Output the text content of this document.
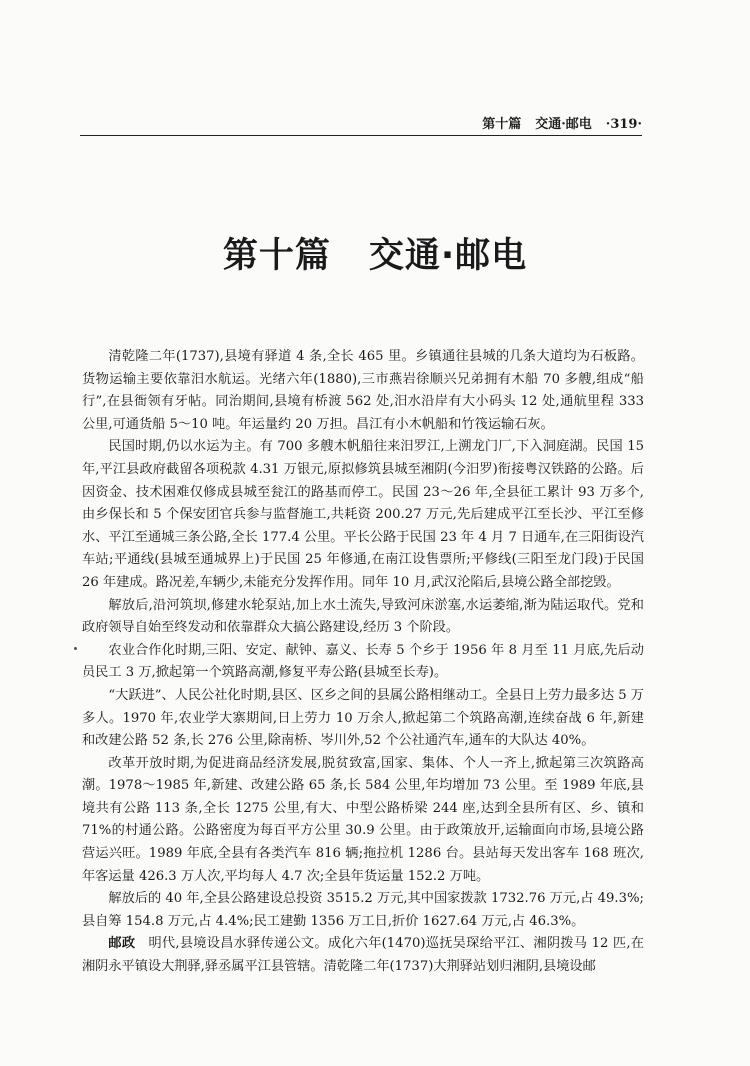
第十篇 交通·邮电 ·319·
第十篇 交通·邮电

清乾隆二年(1737),县境有驿道 4 条,全长 465 里。乡镇通往县城的几条大道均为石板路。货物运输主要依靠汨水航运。光绪六年(1880),三市燕岩徐顺兴兄弟拥有木船 70 多艘,组成“船行”,在县衙领有牙帖。同治期间,县境有桥渡 562 处,汨水沿岸有大小码头 12 处,通航里程 333 公里,可通货船 5～10 吨。年运量约 20 万担。昌江有小木帆船和竹筏运输石灰。

民国时期,仍以水运为主。有 700 多艘木帆船往来汨罗江,上溯龙门厂,下入洞庭湖。民国 15 年,平江县政府截留各项税款 4.31 万银元,原拟修筑县城至湘阴(今汨罗)衔接粤汉铁路的公路。后因资金、技术困难仅修成县城至瓮江的路基而停工。民国 23～26 年,全县征工累计 93 万多个,由乡保长和 5 个保安团官兵参与监督施工,共耗资 200.27 万元,先后建成平江至长沙、平江至修水、平江至通城三条公路,全长 177.4 公里。平长公路于民国 23 年 4 月 7 日通车,在三阳街设汽车站;平通线(县城至通城界上)于民国 25 年修通,在南江设售票所;平修线(三阳至龙门段)于民国 26 年建成。路况差,车辆少,未能充分发挥作用。同年 10 月,武汉沦陷后,县境公路全部挖毁。

解放后,沿河筑坝,修建水轮泵站,加上水土流失,导致河床淤塞,水运萎缩,渐为陆运取代。党和政府领导自始至终发动和依靠群众大搞公路建设,经历 3 个阶段。

农业合作化时期,三阳、安定、献钟、嘉义、长寿 5 个乡于 1956 年 8 月至 11 月底,先后动员民工 3 万,掀起第一个筑路高潮,修复平寿公路(县城至长寿)。

“大跃进”、人民公社化时期,县区、区乡之间的县属公路相继动工。全县日上劳力最多达 5 万多人。1970 年,农业学大寨期间,日上劳力 10 万余人,掀起第二个筑路高潮,连续奋战 6 年,新建和改建公路 52 条,长 276 公里,除南桥、岑川外,52 个公社通汽车,通车的大队达 40%。

改革开放时期,为促进商品经济发展,脱贫致富,国家、集体、个人一齐上,掀起第三次筑路高潮。1978～1985 年,新建、改建公路 65 条,长 584 公里,年均增加 73 公里。至 1989 年底,县境共有公路 113 条,全长 1275 公里,有大、中型公路桥梁 244 座,达到全县所有区、乡、镇和 71%的村通公路。公路密度为每百平方公里 30.9 公里。由于政策放开,运输面向市场,县境公路营运兴旺。1989 年底,全县有各类汽车 816 辆;拖拉机 1286 台。县站每天发出客车 168 班次,年客运量 426.3 万人次,平均每人 4.7 次;全县年货运量 152.2 万吨。

解放后的 40 年,全县公路建设总投资 3515.2 万元,其中国家拨款 1732.76 万元,占 49.3%;县自筹 154.8 万元,占 4.4%;民工建勤 1356 万工日,折价 1627.64 万元,占 46.3%。

邮政 明代,县境设昌水驿传递公文。成化六年(1470)巡抚吴琛给平江、湘阴拨马 12 匹,在湘阴永平镇设大荆驿,驿丞属平江县管辖。清乾隆二年(1737)大荆驿站划归湘阴,县境设邮
